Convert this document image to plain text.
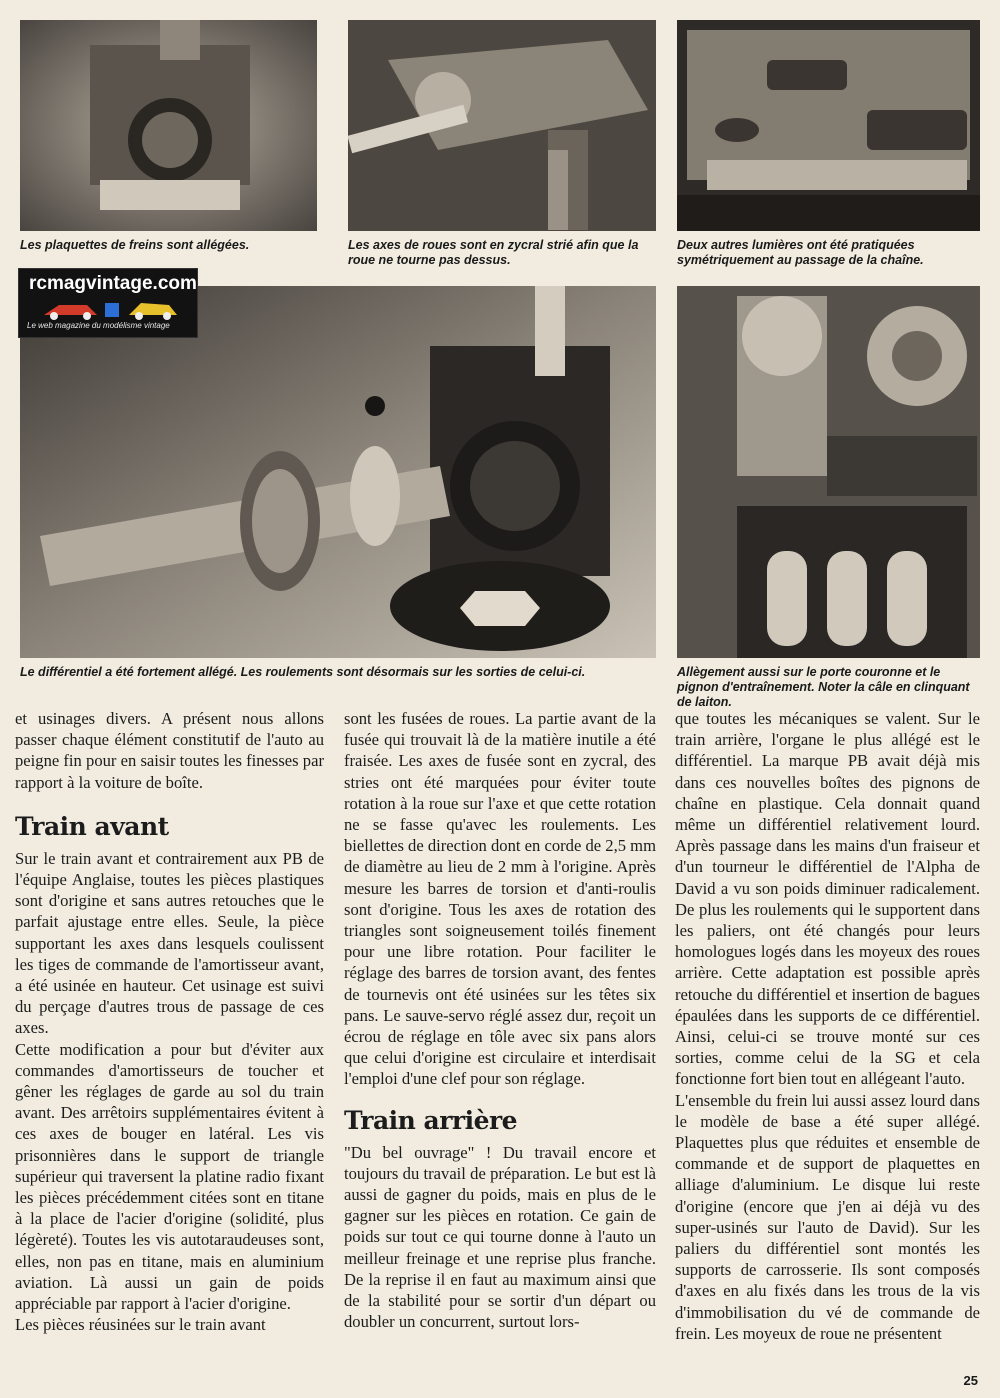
Les plaquettes de freins sont allégées.	Les axes de roues sont en zycral strié afin que la roue ne tourne pas dessus.
Deux autres lumières ont été pratiquées symétriquement au passage de la chaîne.
Le différentiel a été fortement allégé. Les roulements sont désormais sur les sorties de celui-ci.	Allègement aussi sur le porte couronne et le pignon d'entraînement. Noter la câle en clinquant de laiton.
rcmagvintage.com
Le web magazine du modélisme vintage

et usinages divers. A présent nous allons passer chaque élément constitutif de l'auto au peigne fin pour en saisir toutes les finesses par rapport à la voiture de boîte.

Train avant

Sur le train avant et contrairement aux PB de l'équipe Anglaise, toutes les pièces plastiques sont d'origine et sans autres retouches que le parfait ajustage entre elles. Seule, la pièce supportant les axes dans lesquels coulissent les tiges de commande de l'amortisseur avant, a été usinée en hauteur. Cet usinage est suivi du perçage d'autres trous de passage de ces axes.

Cette modification a pour but d'éviter aux commandes d'amortisseurs de toucher et gêner les réglages de garde au sol du train avant. Des arrêtoirs supplémentaires évitent à ces axes de bouger en latéral. Les vis prisonnières dans le support de triangle supérieur qui traversent la platine radio fixant les pièces précédemment citées sont en titane à la place de l'acier d'origine (solidité, plus légèreté). Toutes les vis autotaraudeuses sont, elles, non pas en titane, mais en aluminium aviation. Là aussi un gain de poids appréciable par rapport à l'acier d'origine.

Les pièces réusinées sur le train avant

sont les fusées de roues. La partie avant de la fusée qui trouvait là de la matière inutile a été fraisée. Les axes de fusée sont en zycral, des stries ont été marquées pour éviter toute rotation à la roue sur l'axe et que cette rotation ne se fasse qu'avec les roulements. Les biellettes de direction dont en corde de 2,5 mm de diamètre au lieu de 2 mm à l'origine. Après mesure les barres de torsion et d'anti-roulis sont d'origine. Tous les axes de rotation des triangles sont soigneusement toilés finement pour une libre rotation. Pour faciliter le réglage des barres de torsion avant, des fentes de tournevis ont été usinées sur les têtes six pans. Le sauve-servo réglé assez dur, reçoit un écrou de réglage en tôle avec six pans alors que celui d'origine est circulaire et interdisait l'emploi d'une clef pour son réglage.

Train arrière

"Du bel ouvrage" ! Du travail encore et toujours du travail de préparation. Le but est là aussi de gagner du poids, mais en plus de le gagner sur les pièces en rotation. Ce gain de poids sur tout ce qui tourne donne à l'auto un meilleur freinage et une reprise plus franche. De la reprise il en faut au maximum ainsi que de la stabilité pour se sortir d'un départ ou doubler un concurrent, surtout lors-

que toutes les mécaniques se valent. Sur le train arrière, l'organe le plus allégé est le différentiel. La marque PB avait déjà mis dans ces nouvelles boîtes des pignons de chaîne en plastique. Cela donnait quand même un différentiel relativement lourd. Après passage dans les mains d'un fraiseur et d'un tourneur le différentiel de l'Alpha de David a vu son poids diminuer radicalement. De plus les roulements qui le supportent dans les paliers, ont été changés pour leurs homologues logés dans les moyeux des roues arrière. Cette adaptation est possible après retouche du différentiel et insertion de bagues épaulées dans les supports de ce différentiel. Ainsi, celui-ci se trouve monté sur ces sorties, comme celui de la SG et cela fonctionne fort bien tout en allégeant l'auto.

L'ensemble du frein lui aussi assez lourd dans le modèle de base a été super allégé. Plaquettes plus que réduites et ensemble de commande et de support de plaquettes en alliage d'aluminium. Le disque lui reste d'origine (encore que j'en ai déjà vu des super-usinés sur l'auto de David). Sur les paliers du différentiel sont montés les supports de carrosserie. Ils sont composés d'axes en alu fixés dans les trous de la vis d'immobilisation du vé de commande de frein. Les moyeux de roue ne présentent

25
